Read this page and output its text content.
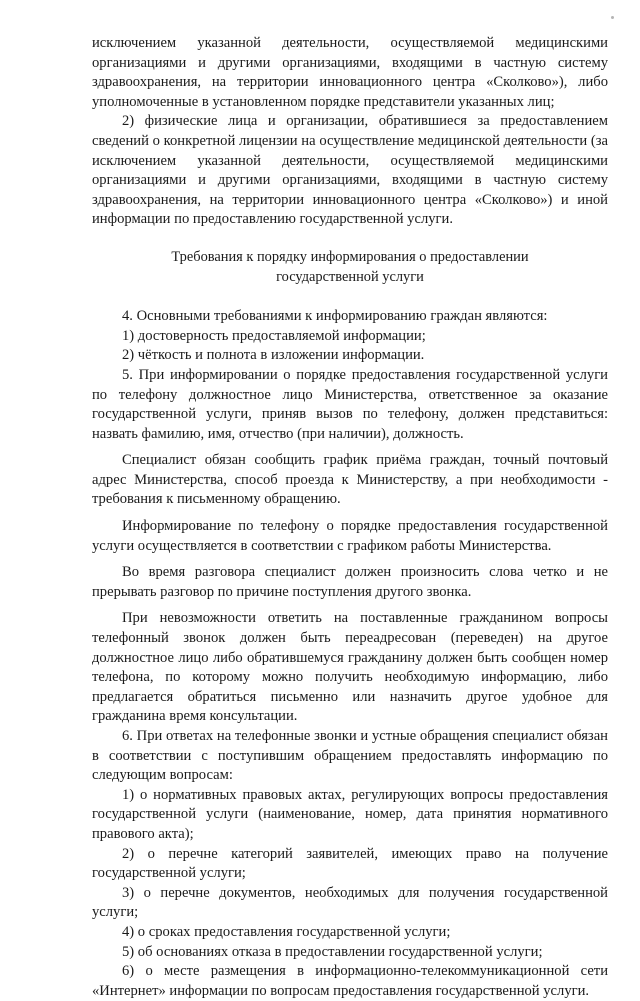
исключением указанной деятельности, осуществляемой медицинскими организациями и другими организациями, входящими в частную систему здравоохранения, на территории инновационного центра «Сколково»), либо уполномоченные в установленном порядке представители указанных лиц;

2) физические лица и организации, обратившиеся за предоставлением сведений о конкретной лицензии на осуществление медицинской деятельности (за исключением указанной деятельности, осуществляемой медицинскими организациями и другими организациями, входящими в частную систему здравоохранения, на территории инновационного центра «Сколково») и иной информации по предоставлению государственной услуги.

Требования к порядку информирования о предоставлении
государственной услуги

4. Основными требованиями к информированию граждан являются:

1) достоверность предоставляемой информации;

2) чёткость и полнота в изложении информации.

5. При информировании о порядке предоставления государственной услуги по телефону должностное лицо Министерства, ответственное за оказание государственной услуги, приняв вызов по телефону, должен представиться: назвать фамилию, имя, отчество (при наличии), должность.

Специалист обязан сообщить график приёма граждан, точный почтовый адрес Министерства, способ проезда к Министерству, а при необходимости - требования к письменному обращению.

Информирование по телефону о порядке предоставления государственной услуги осуществляется в соответствии с графиком работы Министерства.

Во время разговора специалист должен произносить слова четко и не прерывать разговор по причине поступления другого звонка.

При невозможности ответить на поставленные гражданином вопросы телефонный звонок должен быть переадресован (переведен) на другое должностное лицо либо обратившемуся гражданину должен быть сообщен номер телефона, по которому можно получить необходимую информацию, либо предлагается обратиться письменно или назначить другое удобное для гражданина время консультации.

6. При ответах на телефонные звонки и устные обращения специалист обязан в соответствии с поступившим обращением предоставлять информацию по следующим вопросам:

1) о нормативных правовых актах, регулирующих вопросы предоставления государственной услуги (наименование, номер, дата принятия нормативного правового акта);

2) о перечне категорий заявителей, имеющих право на получение государственной услуги;

3) о перечне документов, необходимых для получения государственной услуги;

4) о сроках предоставления государственной услуги;

5) об основаниях отказа в предоставлении государственной услуги;

6) о месте размещения в информационно-телекоммуникационной сети «Интернет» информации по вопросам предоставления государственной услуги.
